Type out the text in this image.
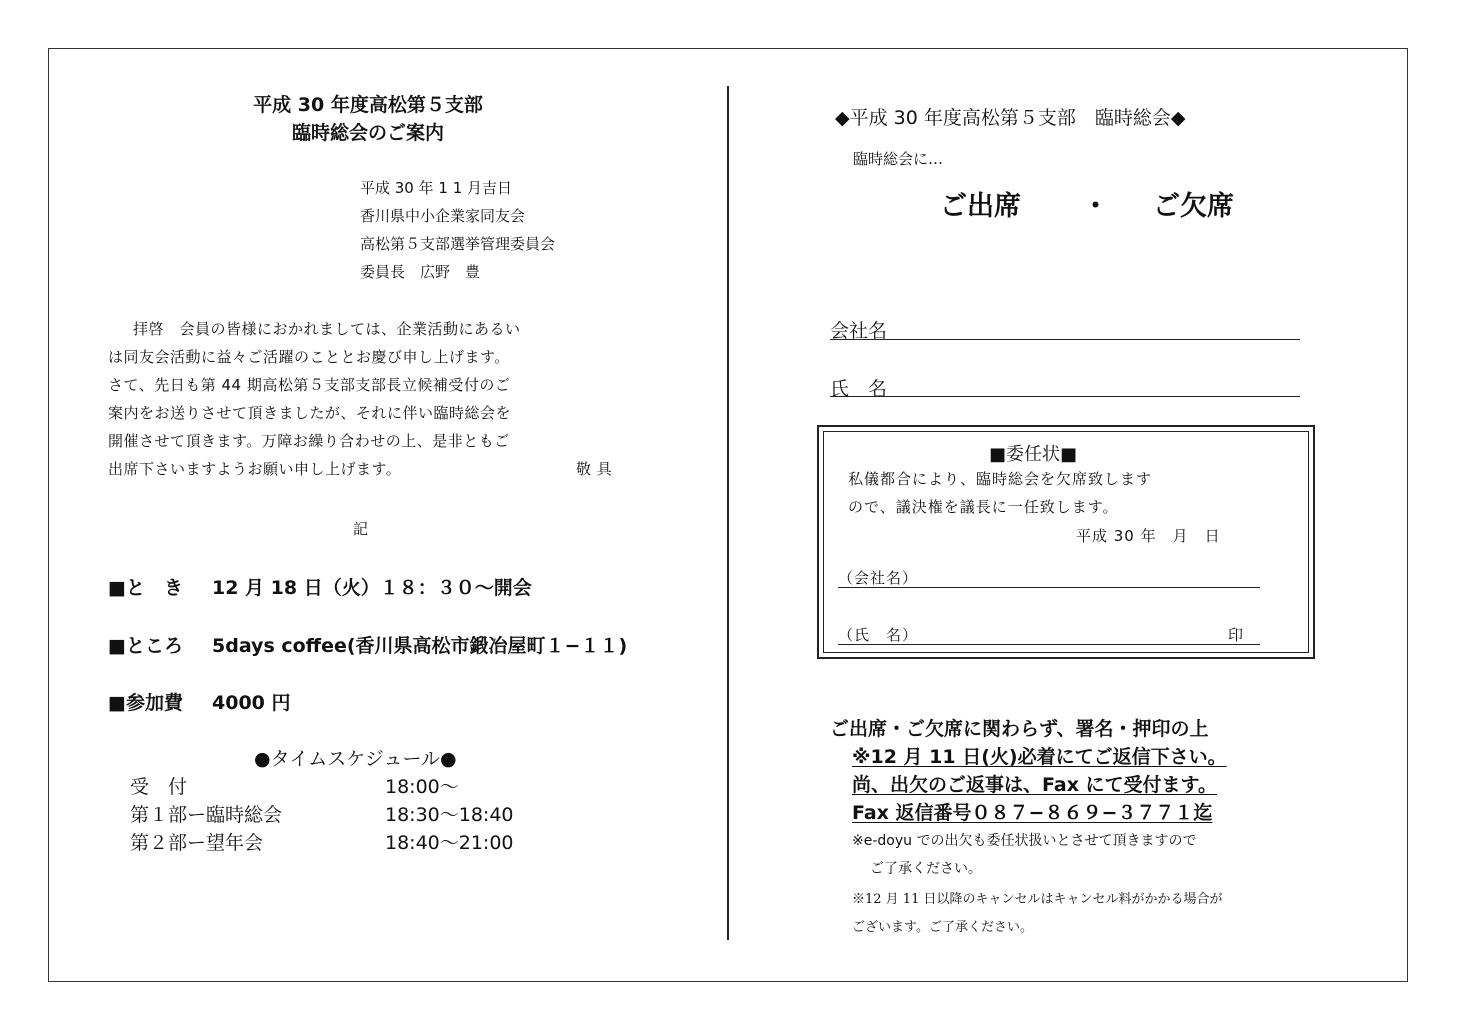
平成 30 年度高松第５支部
臨時総会のご案内
平成 30 年 1 1 月吉日
香川県中小企業家同友会
高松第５支部選挙管理委員会
委員長　広野　豊
拝啓　会員の皆様におかれましては、企業活動にあるい
は同友会活動に益々ご活躍のこととお慶び申し上げます。
さて、先日も第 44 期高松第５支部支部長立候補受付のご
案内をお送りさせて頂きましたが、それに伴い臨時総会を
開催させて頂きます。万障お繰り合わせの上、是非ともご
出席下さいますようお願い申し上げます。	敬 具
記
■と　き 12 月 18 日（火）１８：３０～開会
■ところ 5days coffee(香川県高松市鍛冶屋町１−１１)
■参加費 4000 円
●タイムスケジュール●
受　付	18:00～
第１部ー臨時総会	18:30～18:40
第２部ー望年会	18:40～21:00
◆平成 30 年度高松第５支部　臨時総会◆
臨時総会に…
ご出席 ・ ご欠席
会社名
氏　名
■委任状■
私儀都合により、臨時総会を欠席致します
ので、議決権を議長に一任致します。
平成 30 年　月　日
（会社名）
（氏　名）	印
ご出席・ご欠席に関わらず、署名・押印の上
※12 月 11 日(火)必着にてご返信下さい。
尚、出欠のご返事は、Fax にて受付ます。
Fax 返信番号０８７−８６９−３７７１迄
※e-doyu での出欠も委任状扱いとさせて頂きますので
ご了承ください。
※12 月 11 日以降のキャンセルはキャンセル料がかかる場合が
ございます。ご了承ください。
